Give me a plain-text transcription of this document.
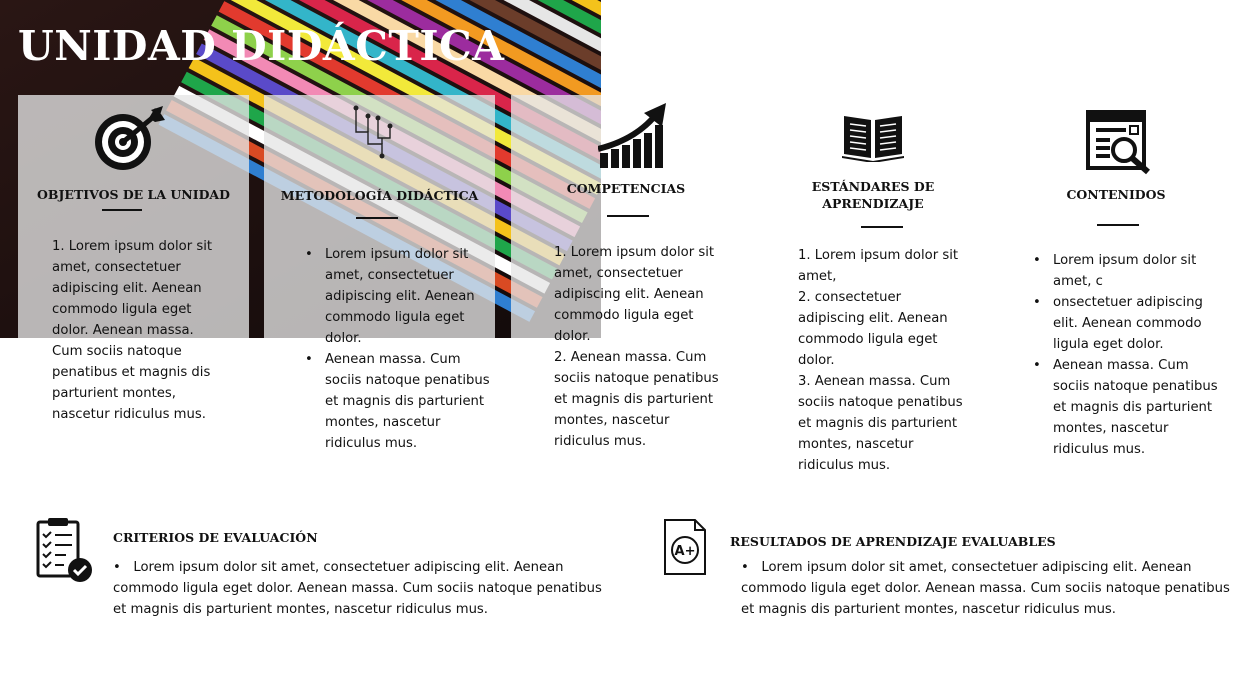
UNIDAD DIDÁCTICA
OBJETIVOS DE LA UNIDAD

1. Lorem ipsum dolor sit

amet, consectetuer

adipiscing elit. Aenean

commodo ligula eget

dolor. Aenean massa.

Cum sociis natoque

penatibus et magnis dis

parturient montes,

nascetur ridiculus mus.

METODOLOGÍA DIDÁCTICA
• Lorem ipsum dolor sit
amet, consectetuer
adipiscing elit. Aenean
commodo ligula eget
dolor.
• Aenean massa. Cum
sociis natoque penatibus
et magnis dis parturient
montes, nascetur
ridiculus mus.
COMPETENCIAS

1. Lorem ipsum dolor sit

amet, consectetuer

adipiscing elit. Aenean

commodo ligula eget

dolor.

2. Aenean massa. Cum

sociis natoque penatibus

et magnis dis parturient

montes, nascetur

ridiculus mus.

ESTÁNDARES DE
APRENDIZAJE

1. Lorem ipsum dolor sit

amet,

2. consectetuer

adipiscing elit. Aenean

commodo ligula eget

dolor.

3. Aenean massa. Cum

sociis natoque penatibus

et magnis dis parturient

montes, nascetur

ridiculus mus.

CONTENIDOS
• Lorem ipsum dolor sit
amet, c
• onsectetuer adipiscing
elit. Aenean commodo
ligula eget dolor.
• Aenean massa. Cum
sociis natoque penatibus
et magnis dis parturient
montes, nascetur
ridiculus mus.
CRITERIOS DE EVALUACIÓN
•   Lorem ipsum dolor sit amet, consectetuer adipiscing elit. Aenean
commodo ligula eget dolor. Aenean massa. Cum sociis natoque penatibus
et magnis dis parturient montes, nascetur ridiculus mus.
A+
RESULTADOS DE APRENDIZAJE EVALUABLES
•   Lorem ipsum dolor sit amet, consectetuer adipiscing elit. Aenean
commodo ligula eget dolor. Aenean massa. Cum sociis natoque penatibus
et magnis dis parturient montes, nascetur ridiculus mus.
